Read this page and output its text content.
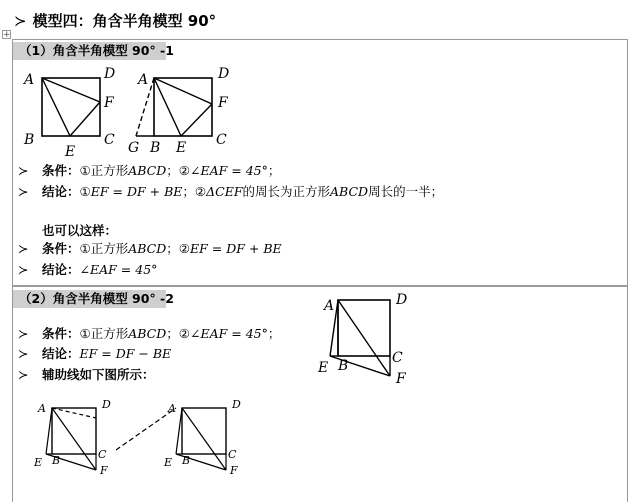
≻ 模型四：角含半角模型 90°
+
（1）角含半角模型 90° -1
A	D
F
B	C
E
A	D
F
G B E C
≻ 条件：①正方形ABCD；②∠EAF = 45°；
≻ 结论：①EF = DF + BE；②ΔCEF的周长为正方形ABCD周长的一半；
也可以这样：
≻ 条件：①正方形ABCD；②EF = DF + BE
≻ 结论：∠EAF = 45°
（2）角含半角模型 90° -2	A	D
C
E B
F
≻ 条件：①正方形ABCD；②∠EAF = 45°；
≻ 结论：EF = DF − BE
≻ 辅助线如下图所示：
A	D
E B	C
F
A	D
E B	C
F
